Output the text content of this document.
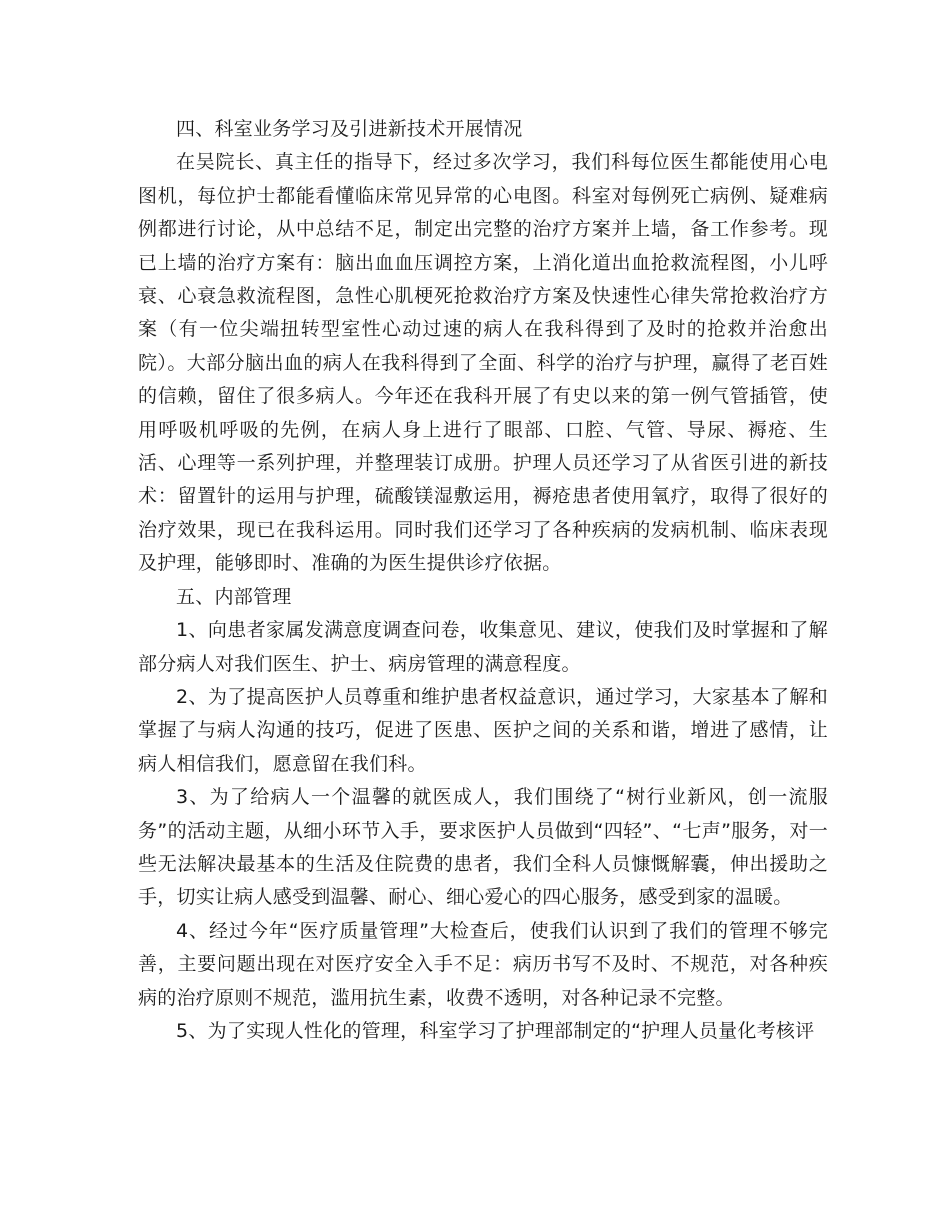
四、科室业务学习及引进新技术开展情况

在吴院长、真主任的指导下，经过多次学习，我们科每位医生都能使用心电图机，每位护士都能看懂临床常见异常的心电图。科室对每例死亡病例、疑难病例都进行讨论，从中总结不足，制定出完整的治疗方案并上墙，备工作参考。现已上墙的治疗方案有：脑出血血压调控方案，上消化道出血抢救流程图，小儿呼衰、心衰急救流程图，急性心肌梗死抢救治疗方案及快速性心律失常抢救治疗方案（有一位尖端扭转型室性心动过速的病人在我科得到了及时的抢救并治愈出院）。大部分脑出血的病人在我科得到了全面、科学的治疗与护理，赢得了老百姓的信赖，留住了很多病人。今年还在我科开展了有史以来的第一例气管插管，使用呼吸机呼吸的先例，在病人身上进行了眼部、口腔、气管、导尿、褥疮、生活、心理等一系列护理，并整理装订成册。护理人员还学习了从省医引进的新技术：留置针的运用与护理，硫酸镁湿敷运用，褥疮患者使用氧疗，取得了很好的治疗效果，现已在我科运用。同时我们还学习了各种疾病的发病机制、临床表现及护理，能够即时、准确的为医生提供诊疗依据。

五、内部管理

1、向患者家属发满意度调查问卷，收集意见、建议，使我们及时掌握和了解部分病人对我们医生、护士、病房管理的满意程度。

2、为了提高医护人员尊重和维护患者权益意识，通过学习，大家基本了解和掌握了与病人沟通的技巧，促进了医患、医护之间的关系和谐，增进了感情，让病人相信我们，愿意留在我们科。

3、为了给病人一个温馨的就医成人，我们围绕了“树行业新风，创一流服务”的活动主题，从细小环节入手，要求医护人员做到“四轻”、“七声”服务，对一些无法解决最基本的生活及住院费的患者，我们全科人员慷慨解囊，伸出援助之手，切实让病人感受到温馨、耐心、细心爱心的四心服务，感受到家的温暖。

4、经过今年“医疗质量管理”大检查后，使我们认识到了我们的管理不够完善，主要问题出现在对医疗安全入手不足：病历书写不及时、不规范，对各种疾病的治疗原则不规范，滥用抗生素，收费不透明，对各种记录不完整。

5、为了实现人性化的管理，科室学习了护理部制定的“护理人员量化考核评
